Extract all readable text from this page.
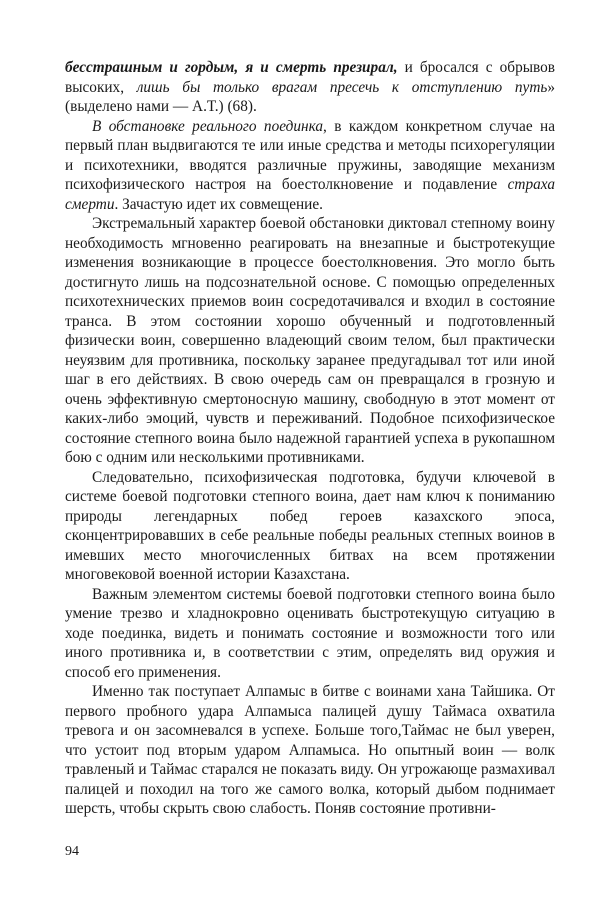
бесстрашным и гордым, я и смерть презирал, и бросался с обрывов высоких, лишь бы только врагам пресечь к отступлению путь» (выделено нами — А.Т.) (68).

В обстановке реального поединка, в каждом конкретном случае на первый план выдвигаются те или иные средства и методы психорегуляции и психотехники, вводятся различные пружины, заводящие механизм психофизического настроя на боестолкновение и подавление страха смерти. Зачастую идет их совмещение.

Экстремальный характер боевой обстановки диктовал степному воину необходимость мгновенно реагировать на внезапные и быстротекущие изменения возникающие в процессе боестолкновения. Это могло быть достигнуто лишь на подсознательной основе. С помощью определенных психотехнических приемов воин сосредотачивался и входил в состояние транса. В этом состоянии хорошо обученный и подготовленный физически воин, совершенно владеющий своим телом, был практически неуязвим для противника, поскольку заранее предугадывал тот или иной шаг в его действиях. В свою очередь сам он превращался в грозную и очень эффективную смертоносную машину, свободную в этот момент от каких-либо эмоций, чувств и переживаний. Подобное психофизическое состояние степного воина было надежной гарантией успеха в рукопашном бою с одним или несколькими противниками.

Следовательно, психофизическая подготовка, будучи ключевой в системе боевой подготовки степного воина, дает нам ключ к пониманию природы легендарных побед героев казахского эпоса, сконцентрировавших в себе реальные победы реальных степных воинов в имевших место многочисленных битвах на всем протяжении многовековой военной истории Казахстана.

Важным элементом системы боевой подготовки степного воина было умение трезво и хладнокровно оценивать быстротекущую ситуацию в ходе поединка, видеть и понимать состояние и возможности того или иного противника и, в соответствии с этим, определять вид оружия и способ его применения.

Именно так поступает Алпамыс в битве с воинами хана Тайшика. От первого пробного удара Алпамыса палицей душу Таймаса охватила тревога и он засомневался в успехе. Больше того,Таймас не был уверен, что устоит под вторым ударом Алпамыса. Но опытный воин — волк травленый и Таймас старался не показать виду. Он угрожающе размахивал палицей и походил на того же самого волка, который дыбом поднимает шерсть, чтобы скрыть свою слабость. Поняв состояние противни-

94
